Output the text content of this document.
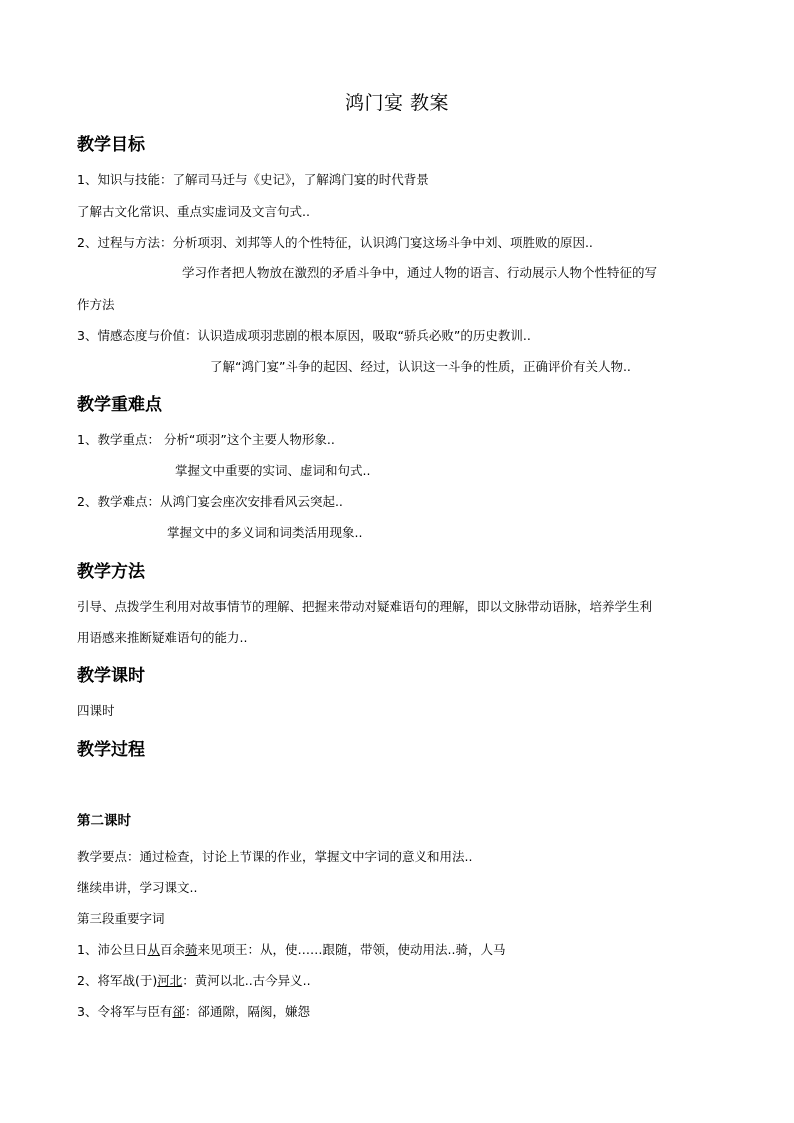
鸿门宴 教案
教学目标
1、知识与技能：了解司马迁与《史记》，了解鸿门宴的时代背景
了解古文化常识、重点实虚词及文言句式..
2、过程与方法：分析项羽、刘邦等人的个性特征，认识鸿门宴这场斗争中刘、项胜败的原因..
学习作者把人物放在激烈的矛盾斗争中，通过人物的语言、行动展示人物个性特征的写
作方法
3、情感态度与价值：认识造成项羽悲剧的根本原因，吸取“骄兵必败”的历史教训..
了解“鸿门宴”斗争的起因、经过，认识这一斗争的性质，正确评价有关人物..
教学重难点
1、教学重点： 分析“项羽”这个主要人物形象..
掌握文中重要的实词、虚词和句式..
2、教学难点：从鸿门宴会座次安排看风云突起..
掌握文中的多义词和词类活用现象..
教学方法
引导、点拨学生利用对故事情节的理解、把握来带动对疑难语句的理解，即以文脉带动语脉，培养学生利
用语感来推断疑难语句的能力..
教学课时
四课时
教学过程
第二课时
教学要点：通过检查，讨论上节课的作业，掌握文中字词的意义和用法..
继续串讲，学习课文..
第三段重要字词
1、沛公旦日从百余骑来见项王：从，使……跟随，带领，使动用法..骑，人马
2、将军战(于)河北：黄河以北..古今异义..
3、令将军与臣有郤：郤通隙，隔阂，嫌怨
